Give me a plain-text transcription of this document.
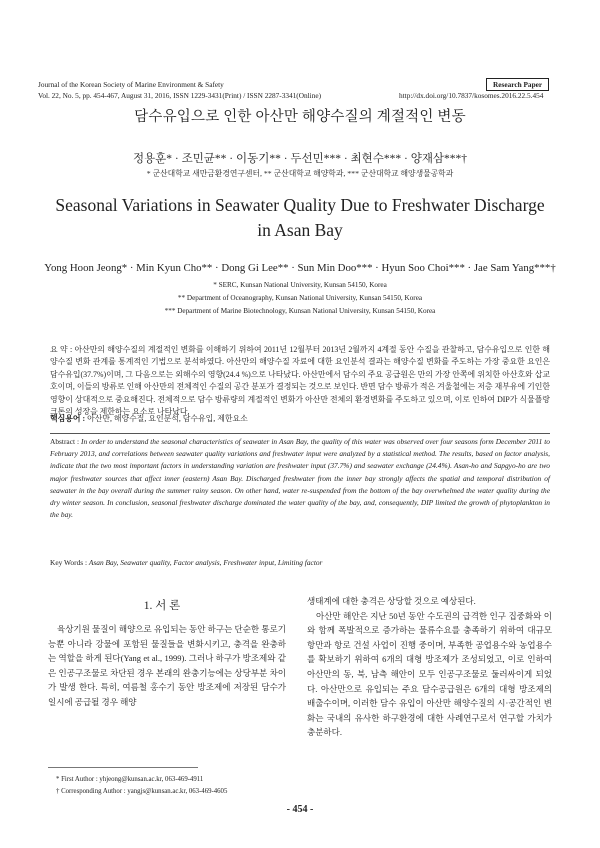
Journal of the Korean Society of Marine Environment & Safety	Research Paper
Vol. 22, No. 5, pp. 454-467, August 31, 2016, ISSN 1229-3431(Print) / ISSN 2287-3341(Online)	http://dx.doi.org/10.7837/kosomes.2016.22.5.454
담수유입으로 인한 아산만 해양수질의 계절적인 변동
정용훈* · 조민균** · 이동기** · 두선민*** · 최현수*** · 양재삼***†
* 군산대학교 새만금환경연구센터, ** 군산대학교 해양학과, *** 군산대학교 해양생물공학과
Seasonal Variations in Seawater Quality Due to Freshwater Discharge
in Asan Bay
Yong Hoon Jeong* · Min Kyun Cho** · Dong Gi Lee** · Sun Min Doo*** · Hyun Soo Choi*** · Jae Sam Yang***†
* SERC, Kunsan National University, Kunsan 54150, Korea
** Department of Oceanography, Kunsan National University, Kunsan 54150, Korea
*** Department of Marine Biotechnology, Kunsan National University, Kunsan 54150, Korea
요 약 : 아산만의 해양수질의 계절적인 변화를 이해하기 위하여 2011년 12월부터 2013년 2월까지 4계절 동안 수질을 관찰하고, 담수유입으로 인한 해양수질 변화 관계를 통계적인 기법으로 분석하였다. 아산만의 해양수질 자료에 대한 요인분석 결과는 해양수질 변화를 주도하는 가장 중요한 요인은 담수유입(37.7%)이며, 그 다음으로는 외해수의 영향(24.4 %)으로 나타났다. 아산만에서 담수의 주요 공급원은 만의 가장 안쪽에 위치한 아산호와 삽교호이며, 이들의 방류로 인해 아산만의 전체적인 수질의 공간 분포가 결정되는 것으로 보인다. 반면 담수 방류가 적은 겨울철에는 저층 재부유에 기인한 영향이 상대적으로 중요해진다. 전체적으로 담수 방류량의 계절적인 변화가 아산만 전체의 환경변화를 주도하고 있으며, 이로 인하여 DIP가 식물플랑크톤의 성장을 제한하는 요소로 나타났다.
핵심용어 : 아산만, 해양수질, 요인분석, 담수유입, 제한요소
Abstract : In order to understand the seasonal characteristics of seawater in Asan Bay, the quality of this water was observed over four seasons form December 2011 to February 2013, and correlations between seawater quality variations and freshwater input were analyzed by a statistical method. The results, based on factor analysis, indicate that the two most important factors in understanding variation are freshwater input (37.7%) and seawater exchange (24.4%). Asan-ho and Sapgyo-ho are two major freshwater sources that affect inner (eastern) Asan Bay. Discharged freshwater from the inner bay strongly affects the spatial and temporal distribution of seawater in the bay overall during the summer rainy season. On other hand, water re-suspended from the bottom of the bay overwhelmed the water quality during the dry winter season. In conclusion, seasonal freshwater discharge dominated the water quality of the bay, and, consequently, DIP limited the growth of phytoplankton in the bay.
Key Words : Asan Bay, Seawater quality, Factor analysis, Freshwater input, Limiting factor
1. 서 론
육상기원 물질이 해양으로 유입되는 동안 하구는 단순한 통로기능뿐 아니라 강물에 포함된 물질들을 변화시키고, 충격을 완충하는 역할을 하게 된다(Yang et al., 1999). 그러나 하구가 방조제와 같은 인공구조물로 차단된 경우 본래의 완충기능에는 상당부분 차이가 발생 한다. 특히, 여름철 홍수기 동안 방조제에 저장된 담수가 일시에 공급될 경우 해양
* First Author : yhjeong@kunsan.ac.kr, 063-469-4911
† Corresponding Author : yangjs@kunsan.ac.kr, 063-469-4605
생태계에 대한 충격은 상당할 것으로 예상된다.
아산만 해안은 지난 50년 동안 수도권의 급격한 인구 집중화와 이와 함께 폭발적으로 증가하는 물류수요를 충족하기 위하여 대규모 항만과 항로 건설 사업이 진행 중이며, 부족한 공업용수와 농업용수를 확보하기 위하여 6개의 대형 방조제가 조성되었고, 이로 인하여 아산만의 동, 북, 남측 해안이 모두 인공구조물로 둘러싸이게 되었다. 아산만으로 유입되는 주요 담수공급원은 6개의 대형 방조제의 배출수이며, 이러한 담수 유입이 아산만 해양수질의 시·공간적인 변화는 국내의 유사한 하구환경에 대한 사례연구로서 연구할 가치가 충분하다.
- 454 -
